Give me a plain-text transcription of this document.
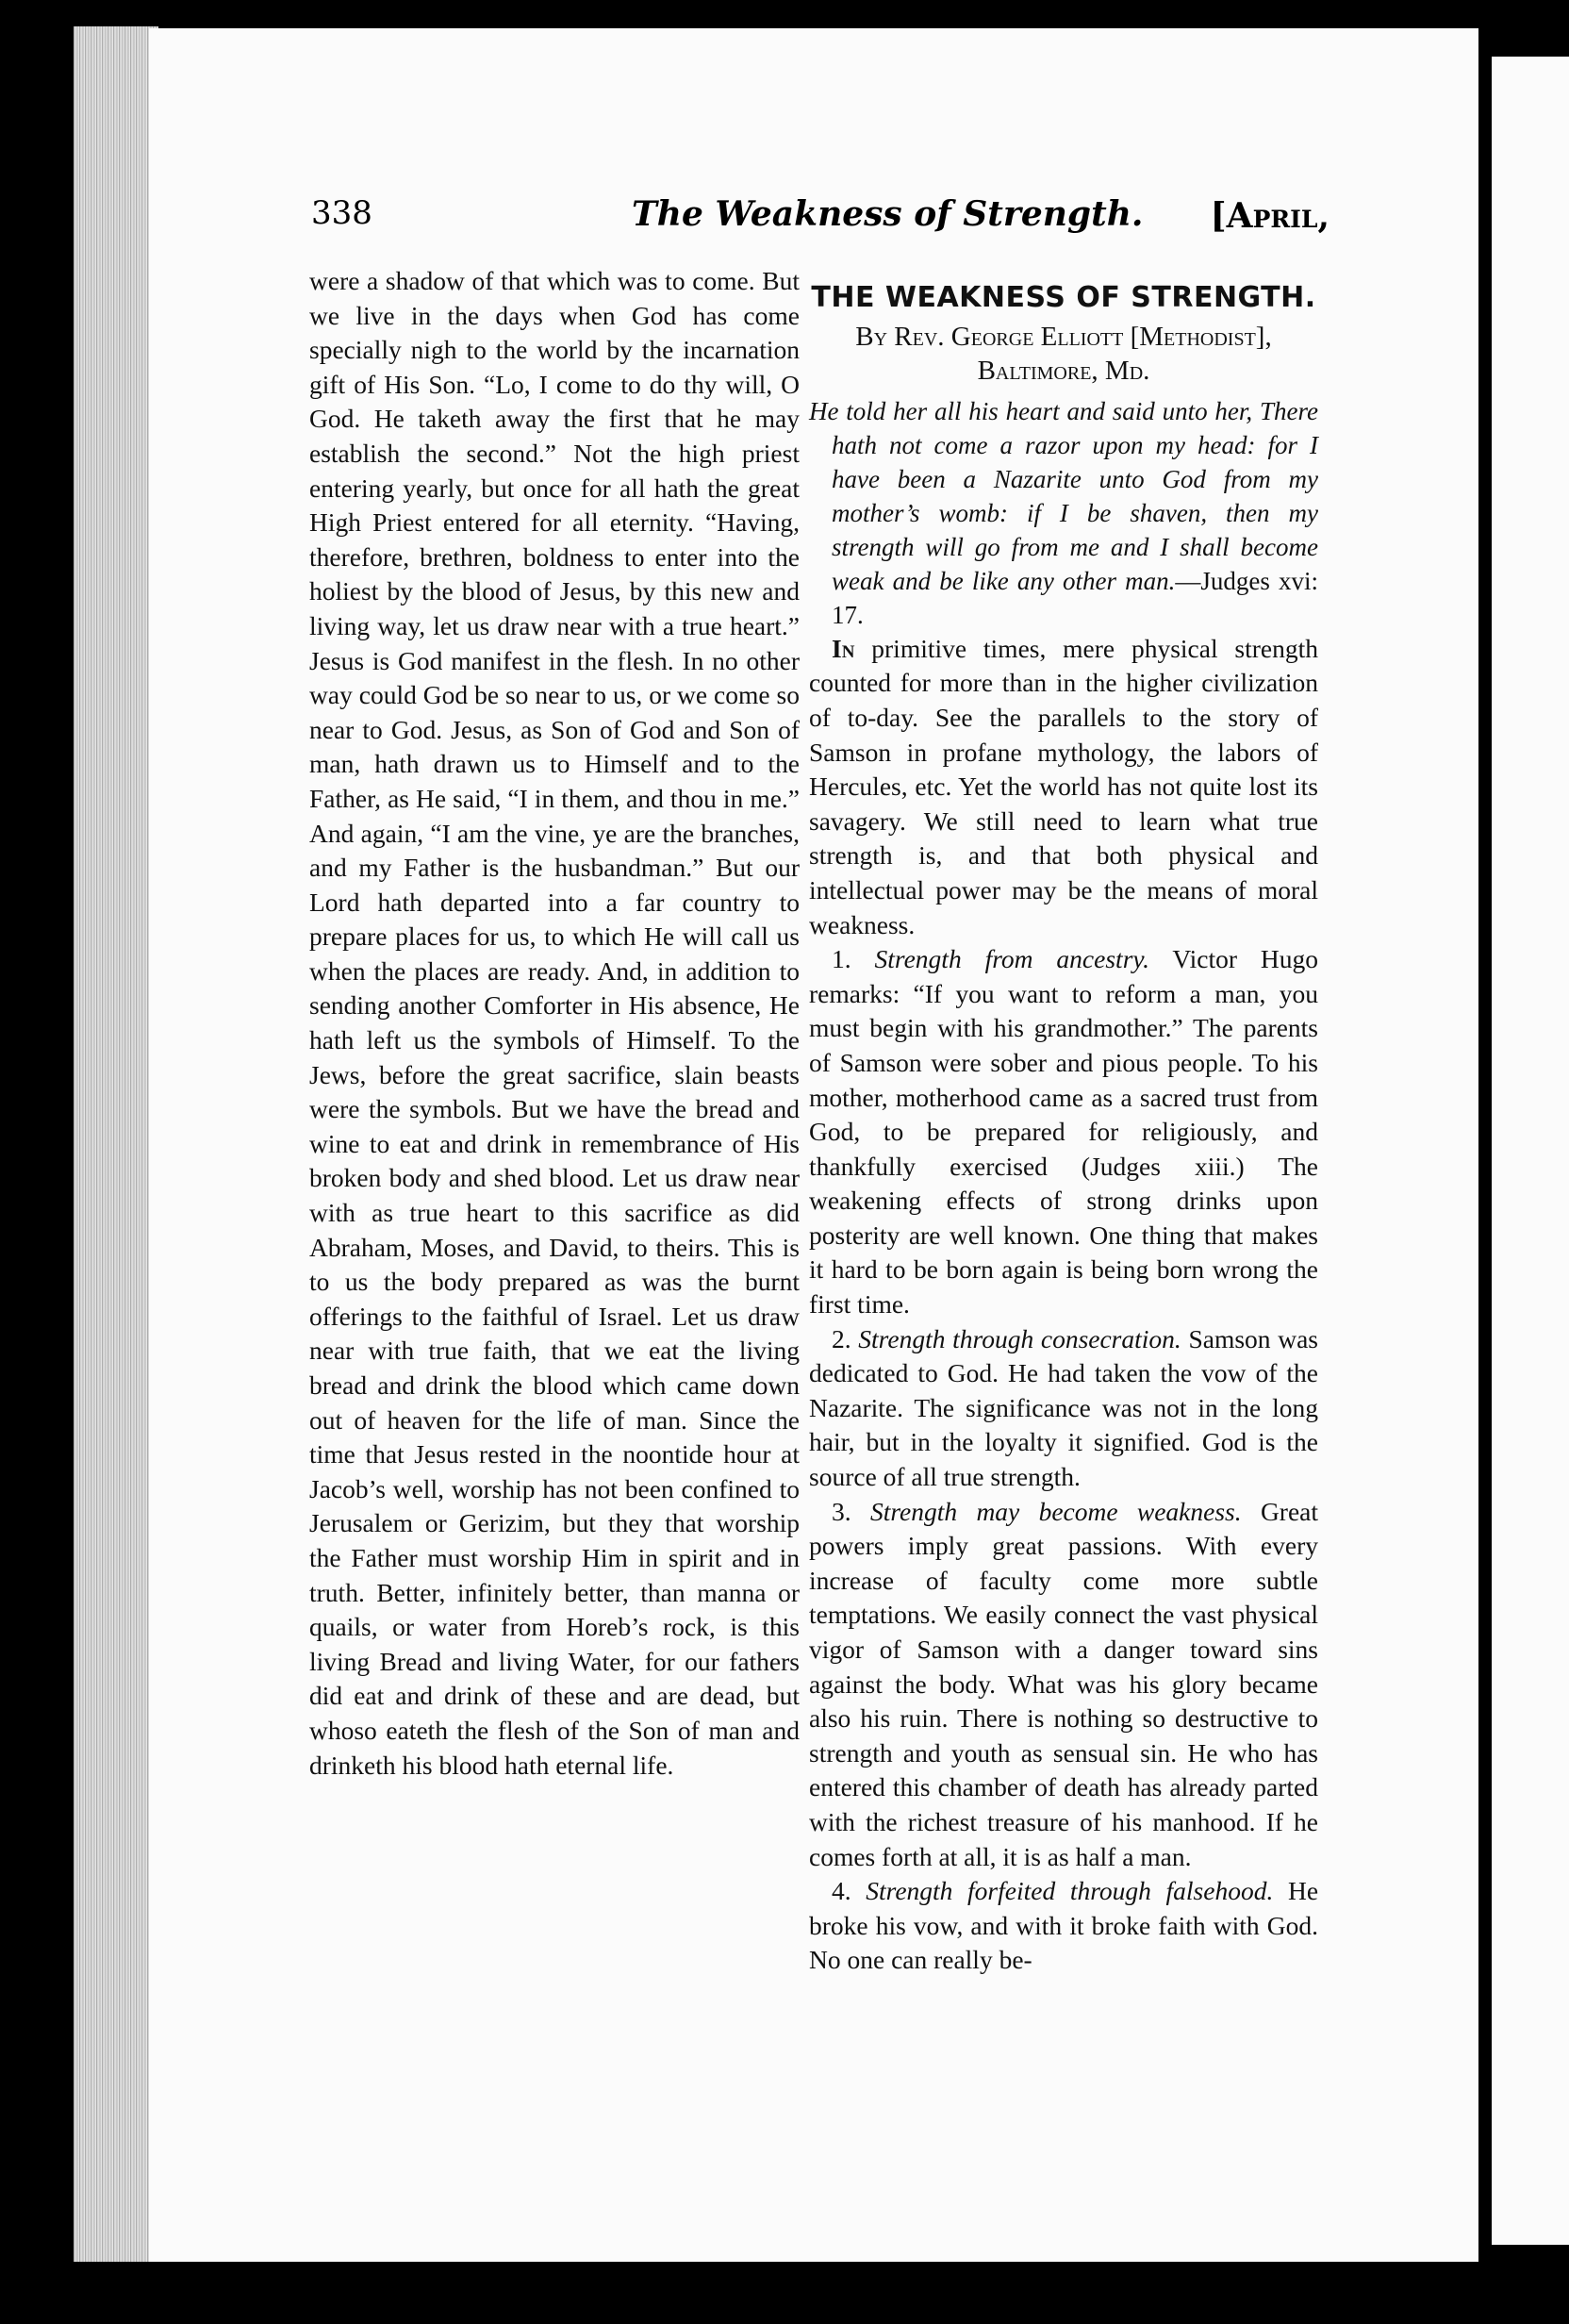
338	The Weakness of Strength. [April,

were a shadow of that which was to come. But we live in the days when God has come specially nigh to the world by the incarnation gift of His Son. “Lo, I come to do thy will, O God. He taketh away the first that he may establish the second.” Not the high priest entering yearly, but once for all hath the great High Priest entered for all eternity. “Having, therefore, brethren, boldness to enter into the holiest by the blood of Jesus, by this new and living way, let us draw near with a true heart.” Jesus is God manifest in the flesh. In no other way could God be so near to us, or we come so near to God. Jesus, as Son of God and Son of man, hath drawn us to Himself and to the Father, as He said, “I in them, and thou in me.” And again, “I am the vine, ye are the branches, and my Father is the husbandman.” But our Lord hath departed into a far country to prepare places for us, to which He will call us when the places are ready. And, in addition to sending another Comforter in His absence, He hath left us the symbols of Himself. To the Jews, before the great sacrifice, slain beasts were the symbols. But we have the bread and wine to eat and drink in remembrance of His broken body and shed blood. Let us draw near with as true heart to this sacrifice as did Abraham, Moses, and David, to theirs. This is to us the body prepared as was the burnt offerings to the faithful of Israel. Let us draw near with true faith, that we eat the living bread and drink the blood which came down out of heaven for the life of man. Since the time that Jesus rested in the noontide hour at Jacob’s well, worship has not been confined to Jerusalem or Gerizim, but they that worship the Father must worship Him in spirit and in truth. Better, infinitely better, than manna or quails, or water from Horeb’s rock, is this living Bread and living Water, for our fathers did eat and drink of these and are dead, but whoso eateth the flesh of the Son of man and drinketh his blood hath eternal life.

THE WEAKNESS OF STRENGTH.
By Rev. George Elliott [Methodist],
Baltimore, Md.

He told her all his heart and said unto her, There hath not come a razor upon my head: for I have been a Nazarite unto God from my mother’s womb: if I be shaven, then my strength will go from me and I shall become weak and be like any other man.—Judges xvi: 17.

In primitive times, mere physical strength counted for more than in the higher civilization of to-day. See the parallels to the story of Samson in profane mythology, the labors of Hercules, etc. Yet the world has not quite lost its savagery. We still need to learn what true strength is, and that both physical and intellectual power may be the means of moral weakness.

1. Strength from ancestry. Victor Hugo remarks: “If you want to reform a man, you must begin with his grandmother.” The parents of Samson were sober and pious people. To his mother, motherhood came as a sacred trust from God, to be prepared for religiously, and thankfully exercised (Judges xiii.) The weakening effects of strong drinks upon posterity are well known. One thing that makes it hard to be born again is being born wrong the first time.

2. Strength through consecration. Samson was dedicated to God. He had taken the vow of the Nazarite. The significance was not in the long hair, but in the loyalty it signified. God is the source of all true strength.

3. Strength may become weakness. Great powers imply great passions. With every increase of faculty come more subtle temptations. We easily connect the vast physical vigor of Samson with a danger toward sins against the body. What was his glory became also his ruin. There is nothing so destructive to strength and youth as sensual sin. He who has entered this chamber of death has already parted with the richest treasure of his manhood. If he comes forth at all, it is as half a man.

4. Strength forfeited through falsehood. He broke his vow, and with it broke faith with God. No one can really be-
